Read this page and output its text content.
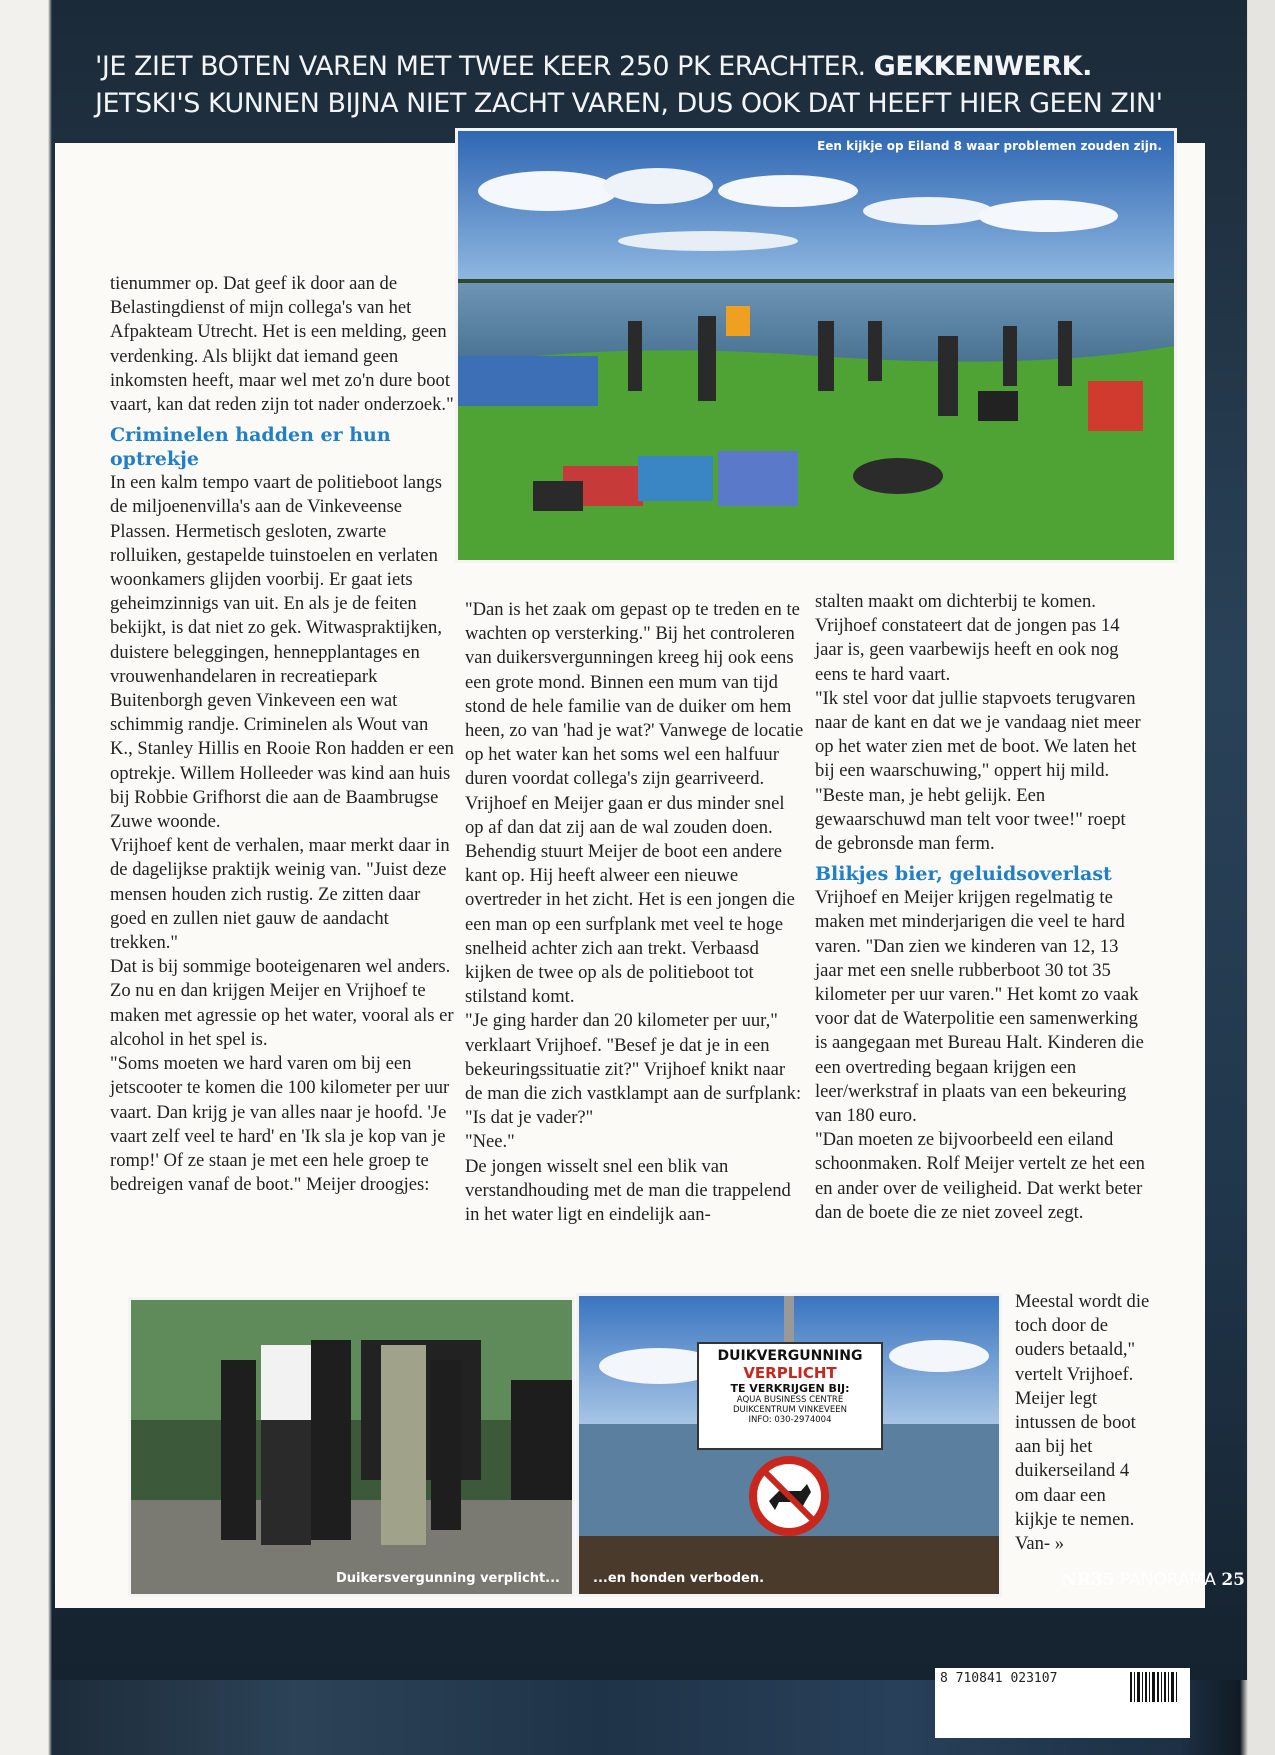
'JE ZIET BOTEN VAREN MET TWEE KEER 250 PK ERACHTER. GEKKENWERK.
JETSKI'S KUNNEN BIJNA NIET ZACHT VAREN, DUS OOK DAT HEEFT HIER GEEN ZIN'
Een kijkje op Eiland 8 waar problemen zouden zijn.

tienummer op. Dat geef ik door aan de Belastingdienst of mijn collega's van het Afpakteam Utrecht. Het is een melding, geen verdenking. Als blijkt dat iemand geen inkomsten heeft, maar wel met zo'n dure boot vaart, kan dat reden zijn tot nader onderzoek."

Criminelen hadden er hun optrekje

In een kalm tempo vaart de politieboot langs de miljoenenvilla's aan de Vinkeveense Plassen. Hermetisch gesloten, zwarte rolluiken, gestapelde tuinstoelen en verlaten woonkamers glijden voorbij. Er gaat iets geheimzinnigs van uit. En als je de feiten bekijkt, is dat niet zo gek. Witwaspraktijken, duistere beleggingen, hennepplantages en vrouwenhandelaren in recreatiepark Buitenborgh geven Vinkeveen een wat schimmig randje. Criminelen als Wout van K., Stanley Hillis en Rooie Ron hadden er een optrekje. Willem Holleeder was kind aan huis bij Robbie Grifhorst die aan de Baambrugse Zuwe woonde.

Vrijhoef kent de verhalen, maar merkt daar in de dagelijkse praktijk weinig van. "Juist deze mensen houden zich rustig. Ze zitten daar goed en zullen niet gauw de aandacht trekken."

Dat is bij sommige booteigenaren wel anders. Zo nu en dan krijgen Meijer en Vrijhoef te maken met agressie op het water, vooral als er alcohol in het spel is.

"Soms moeten we hard varen om bij een jetscooter te komen die 100 kilometer per uur vaart. Dan krijg je van alles naar je hoofd. 'Je vaart zelf veel te hard' en 'Ik sla je kop van je romp!' Of ze staan je met een hele groep te bedreigen vanaf de boot." Meijer droogjes:

"Dan is het zaak om gepast op te treden en te wachten op versterking." Bij het controleren van duikersvergunningen kreeg hij ook eens een grote mond. Binnen een mum van tijd stond de hele familie van de duiker om hem heen, zo van 'had je wat?' Vanwege de locatie op het water kan het soms wel een halfuur duren voordat collega's zijn gearriveerd. Vrijhoef en Meijer gaan er dus minder snel op af dan dat zij aan de wal zouden doen.

Behendig stuurt Meijer de boot een andere kant op. Hij heeft alweer een nieuwe overtreder in het zicht. Het is een jongen die een man op een surfplank met veel te hoge snelheid achter zich aan trekt. Verbaasd kijken de twee op als de politieboot tot stilstand komt.

"Je ging harder dan 20 kilometer per uur," verklaart Vrijhoef. "Besef je dat je in een bekeuringssituatie zit?" Vrijhoef knikt naar de man die zich vastklampt aan de surfplank: "Is dat je vader?"

"Nee."

De jongen wisselt snel een blik van verstandhouding met de man die trappelend in het water ligt en eindelijk aan-

stalten maakt om dichterbij te komen. Vrijhoef constateert dat de jongen pas 14 jaar is, geen vaarbewijs heeft en ook nog eens te hard vaart.

"Ik stel voor dat jullie stapvoets terugvaren naar de kant en dat we je vandaag niet meer op het water zien met de boot. We laten het bij een waarschuwing," oppert hij mild.

"Beste man, je hebt gelijk. Een gewaarschuwd man telt voor twee!" roept de gebronsde man ferm.

Blikjes bier, geluidsoverlast

Vrijhoef en Meijer krijgen regelmatig te maken met minderjarigen die veel te hard varen. "Dan zien we kinderen van 12, 13 jaar met een snelle rubberboot 30 tot 35 kilometer per uur varen." Het komt zo vaak voor dat de Waterpolitie een samenwerking is aangegaan met Bureau Halt. Kinderen die een overtreding begaan krijgen een leer/werkstraf in plaats van een bekeuring van 180 euro.

"Dan moeten ze bijvoorbeeld een eiland schoonmaken. Rolf Meijer vertelt ze het een en ander over de veiligheid. Dat werkt beter dan de boete die ze niet zoveel zegt.

Meestal wordt die toch door de ouders betaald," vertelt Vrijhoef. Meijer legt intussen de boot aan bij het duikerseiland 4 om daar een kijkje te nemen. Van- »

Duikersvergunning verplicht...
DUIKVERGUNNING
VERPLICHT
TE VERKRIJGEN BIJ:
AQUA BUSINESS CENTRE
DUIKCENTRUM VINKEVEEN
INFO: 030-2974004
...en honden verboden.	NR35 PANORAMA 25
8 710841 023107
